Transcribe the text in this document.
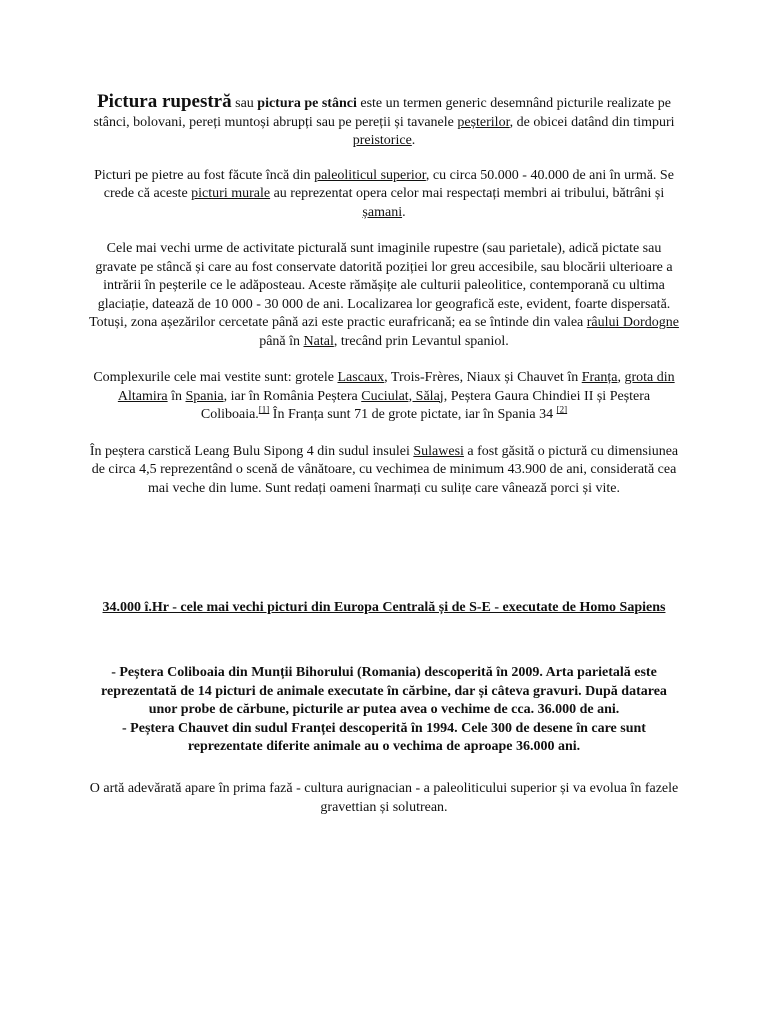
Pictura rupestră sau pictura pe stânci este un termen generic desemnând picturile realizate pe stânci, bolovani, pereți muntoși abrupți sau pe pereții și tavanele peșterilor, de obicei datând din timpuri preistorice.

Picturi pe pietre au fost făcute încă din paleoliticul superior, cu circa 50.000 - 40.000 de ani în urmă. Se crede că aceste picturi murale au reprezentat opera celor mai respectați membri ai tribului, bătrâni și șamani.

Cele mai vechi urme de activitate picturală sunt imaginile rupestre (sau parietale), adică pictate sau gravate pe stâncă și care au fost conservate datorită poziției lor greu accesibile, sau blocării ulterioare a intrării în peșterile ce le adăposteau. Aceste rămășițe ale culturii paleolitice, contemporană cu ultima glaciație, datează de 10 000 - 30 000 de ani. Localizarea lor geografică este, evident, foarte dispersată. Totuși, zona așezărilor cercetate până azi este practic eurafricană; ea se întinde din valea râului Dordogne până în Natal, trecând prin Levantul spaniol.

Complexurile cele mai vestite sunt: grotele Lascaux, Trois-Frères, Niaux și Chauvet în Franța, grota din Altamira în Spania, iar în România Peștera Cuciulat, Sălaj, Peștera Gaura Chindiei II și Peștera Coliboaia.[1] În Franța sunt 71 de grote pictate, iar în Spania 34 [2]

În peștera carstică Leang Bulu Sipong 4 din sudul insulei Sulawesi a fost găsită o pictură cu dimensiunea de circa 4,5 reprezentând o scenă de vânătoare, cu vechimea de minimum 43.900 de ani, considerată cea mai veche din lume. Sunt redați oameni înarmați cu sulițe care vânează porci și vite.

34.000 î.Hr - cele mai vechi picturi din Europa Centrală și de S-E - executate de Homo Sapiens

- Peștera Coliboaia din Munții Bihorului (Romania) descoperită în 2009. Arta parietală este reprezentată de 14 picturi de animale executate în cărbine, dar și câteva gravuri. După datarea unor probe de cărbune, picturile ar putea avea o vechime de cca. 36.000 de ani.

- Peștera Chauvet din sudul Franței descoperită în 1994. Cele 300 de desene în care sunt reprezentate diferite animale au o vechima de aproape 36.000 ani.

O artă adevărată apare în prima fază - cultura aurignacian - a paleoliticului superior și va evolua în fazele gravettian și solutrean.
